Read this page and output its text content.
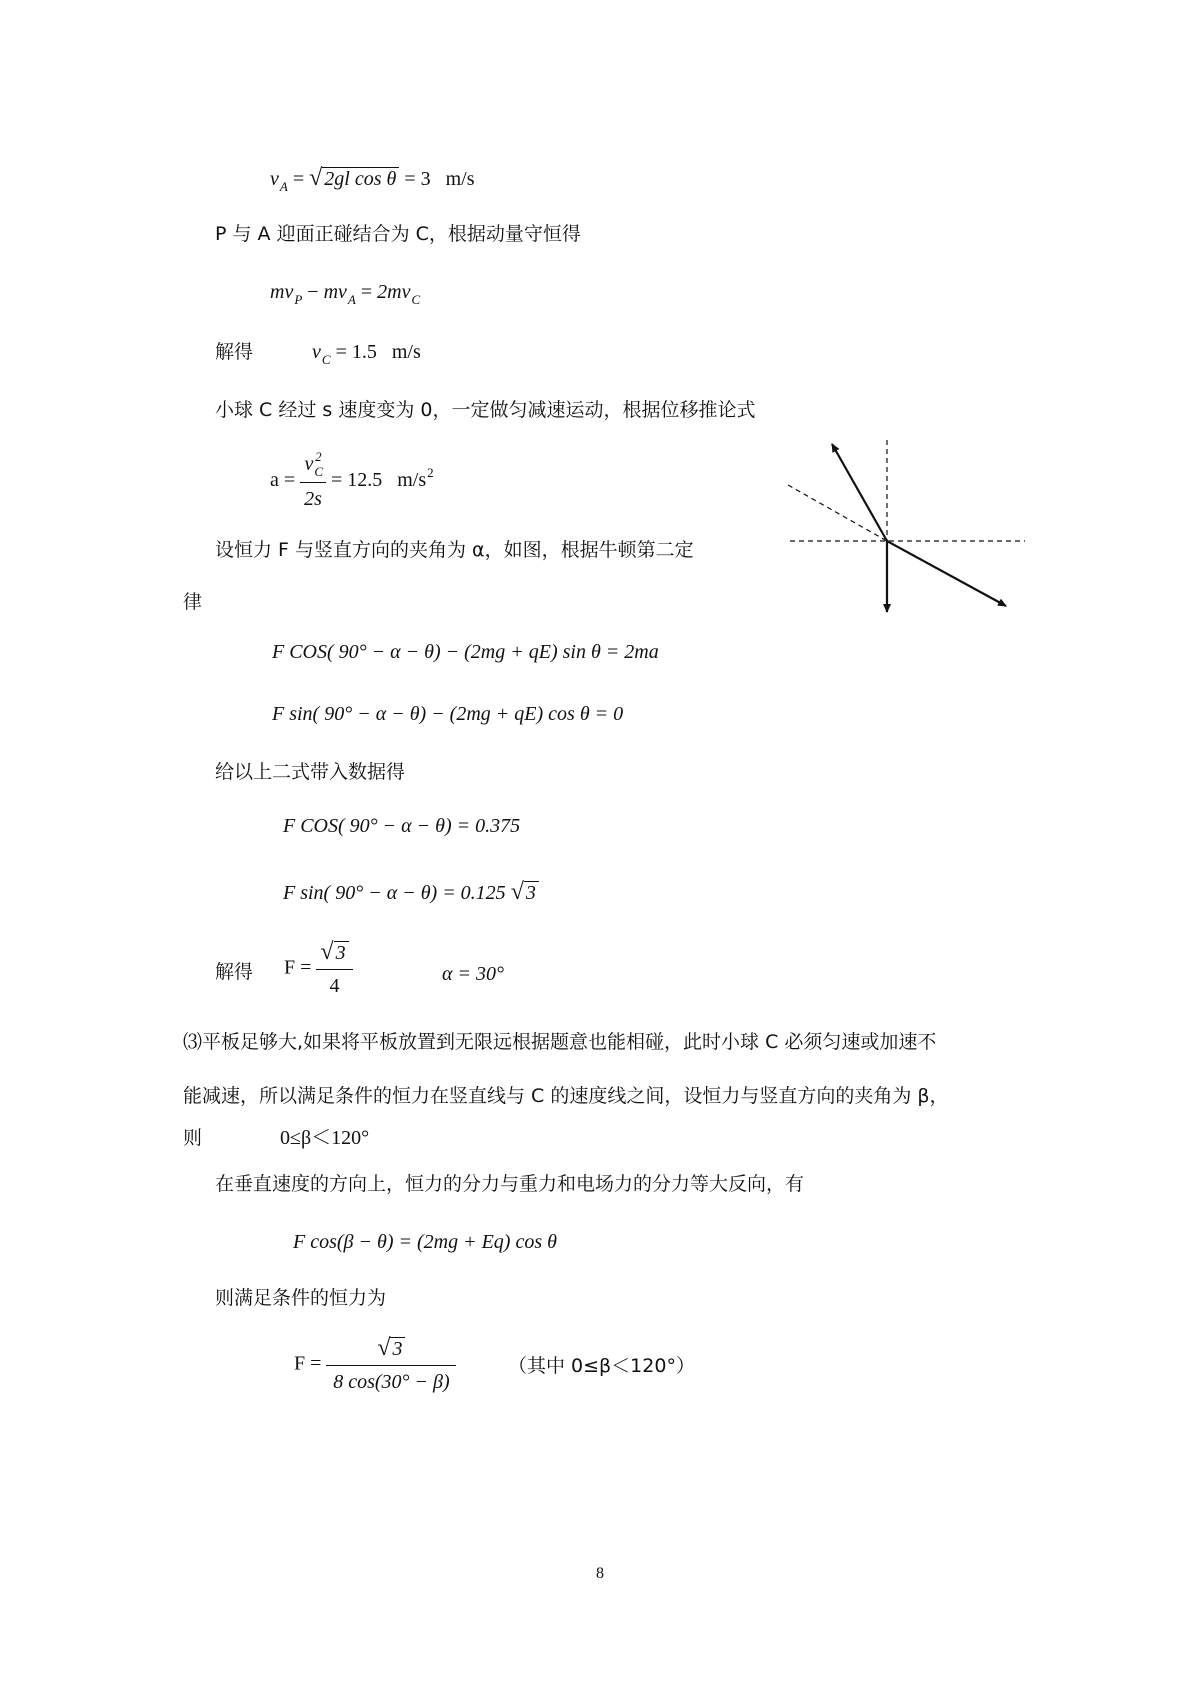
$v_A$ = √ 2gl cos θ = 3 m/s
P 与 A 迎面正碰结合为 C，根据动量守恒得
$mv_P - mv_A = 2mv_C$
解得	$v_C = 1.5$ m/s
小球 C 经过 s 速度变为 0，一定做匀减速运动，根据位移推论式
$a = \frac{v_C^2}{2s} = 12.5$ $m/s^2$
设恒力 F 与竖直方向的夹角为 α，如图，根据牛顿第二定
律
F COS( 90° − α − θ) − (2mg + qE) sin θ = 2ma
F sin( 90° − α − θ) − (2mg + qE) cos θ = 0
给以上二式带入数据得
F COS( 90° − α − θ) = 0.375
F sin( 90° − α − θ) = 0.125 √ 3
解得 $F = \frac{√ 3}{4}$	α = 30°
⑶平板足够大,如果将平板放置到无限远根据题意也能相碰，此时小球 C 必须匀速或加速不
能减速，所以满足条件的恒力在竖直线与 C 的速度线之间，设恒力与竖直方向的夹角为 β，
则	0≤β＜120°
在垂直速度的方向上，恒力的分力与重力和电场力的分力等大反向，有
F cos(β − θ) = (2mg + Eq) cos θ
则满足条件的恒力为
$F = \frac{√ 3}{8 \cos(30^\circ - \beta)}$	（其中 0≤β＜120°）
8
